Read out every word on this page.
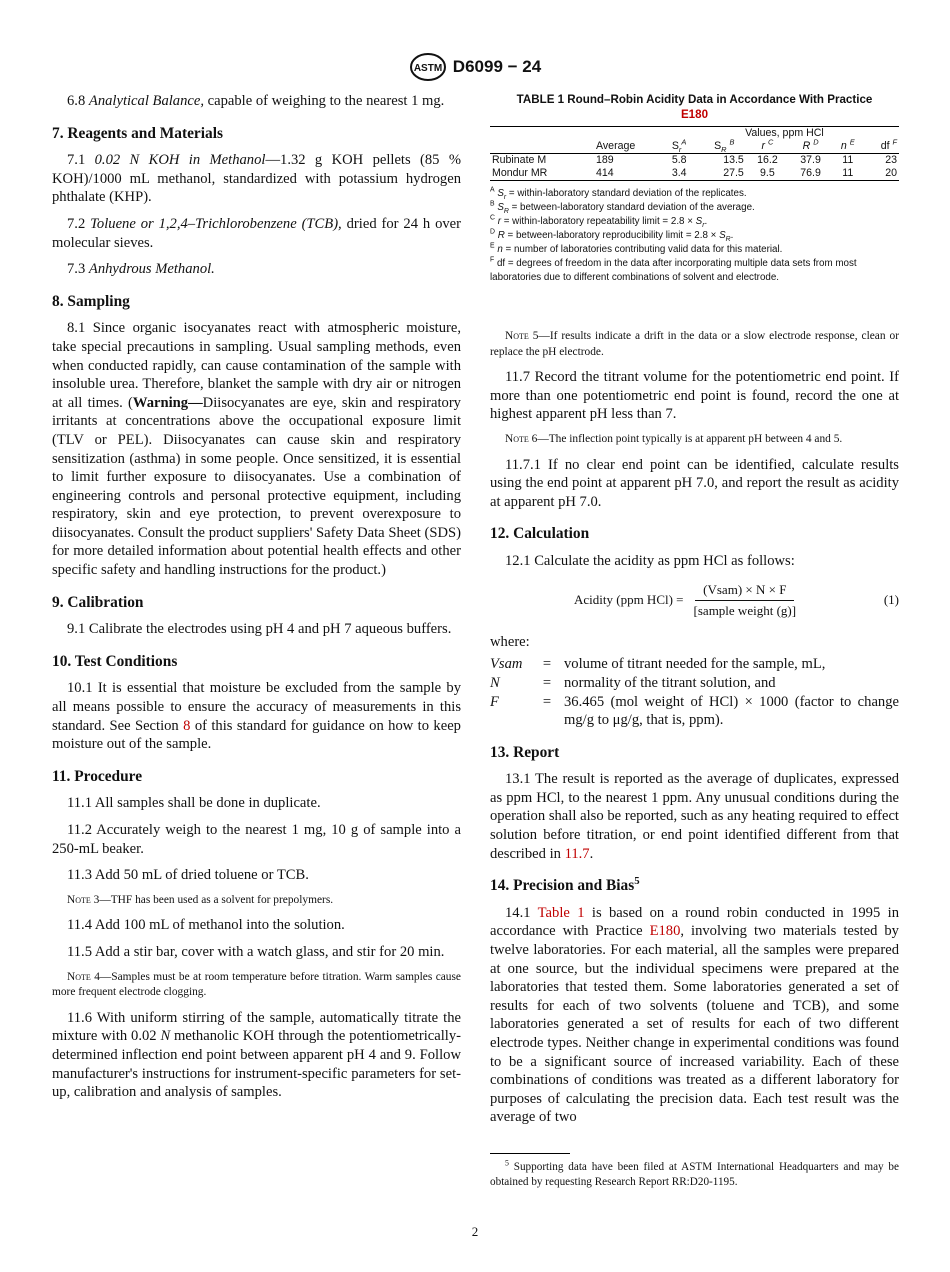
ASTM D6099 − 24

6.8 Analytical Balance, capable of weighing to the nearest 1 mg.

7. Reagents and Materials

7.1 0.02 N KOH in Methanol—1.32 g KOH pellets (85 % KOH)/1000 mL methanol, standardized with potassium hydrogen phthalate (KHP).

7.2 Toluene or 1,2,4–Trichlorobenzene (TCB), dried for 24 h over molecular sieves.

7.3 Anhydrous Methanol.

8. Sampling

8.1 Since organic isocyanates react with atmospheric moisture, take special precautions in sampling. Usual sampling methods, even when conducted rapidly, can cause contamination of the sample with insoluble urea. Therefore, blanket the sample with dry air or nitrogen at all times. (Warning—Diisocyanates are eye, skin and respiratory irritants at concentrations above the occupational exposure limit (TLV or PEL). Diisocyanates can cause skin and respiratory sensitization (asthma) in some people. Once sensitized, it is essential to limit further exposure to diisocyanates. Use a combination of engineering controls and personal protective equipment, including respiratory, skin and eye protection, to prevent overexposure to diisocyanates. Consult the product suppliers' Safety Data Sheet (SDS) for more detailed information about potential health effects and other specific safety and handling instructions for the product.)

9. Calibration

9.1 Calibrate the electrodes using pH 4 and pH 7 aqueous buffers.

10. Test Conditions

10.1 It is essential that moisture be excluded from the sample by all means possible to ensure the accuracy of measurements in this standard. See Section 8 of this standard for guidance on how to keep moisture out of the sample.

11. Procedure

11.1 All samples shall be done in duplicate.

11.2 Accurately weigh to the nearest 1 mg, 10 g of sample into a 250-mL beaker.

11.3 Add 50 mL of dried toluene or TCB.

Note 3—THF has been used as a solvent for prepolymers.

11.4 Add 100 mL of methanol into the solution.

11.5 Add a stir bar, cover with a watch glass, and stir for 20 min.

Note 4—Samples must be at room temperature before titration. Warm samples cause more frequent electrode clogging.

11.6 With uniform stirring of the sample, automatically titrate the mixture with 0.02 N methanolic KOH through the potentiometrically-determined inflection end point between apparent pH 4 and 9. Follow manufacturer's instructions for instrument-specific parameters for set-up, calibration and analysis of samples.

TABLE 1 Round–Robin Acidity Data in Accordance With Practice
E180
		Values, ppm HCl					
	Average	$S_r^A$	$S_R$ $^B$	r $^C$	R $^D$	n $^E$	df $^F$
Rubinate M	189	5.8	13.5	16.2	37.9	11	23
Mondur MR	414	3.4	27.5	9.5	76.9	11	20
$^A$ $S_r$ = within-laboratory standard deviation of the replicates.
$^B$ $S_R$ = between-laboratory standard deviation of the average.
$^C$ r = within-laboratory repeatability limit = $2.8 \times S_r$.
$^D$ R = between-laboratory reproducibility limit = $2.8 \times S_R$.
$^E$ n = number of laboratories contributing valid data for this material.
$^F$ df = degrees of freedom in the data after incorporating multiple data sets from most laboratories due to different combinations of solvent and electrode.
Note 5—If results indicate a drift in the data or a slow electrode response, clean or replace the pH electrode.

11.7 Record the titrant volume for the potentiometric end point. If more than one potentiometric end point is found, record the one at highest apparent pH less than 7.

Note 6—The inflection point typically is at apparent pH between 4 and 5.

11.7.1 If no clear end point can be identified, calculate results using the end point at apparent pH 7.0, and report the result as acidity at apparent pH 7.0.

12. Calculation

12.1 Calculate the acidity as ppm HCl as follows:

Acidity (ppm $HCl) = \frac{\text{(Vsam) × N × F}}{\text{[sample weight (g)]}}$	(1)
where:
Vsam	=	volume of titrant needed for the sample, mL,
N	=	normality of the titrant solution, and
F	=	36.465 (mol weight of HCl) × 1000 (factor to change mg/g to μg/g, that is, ppm).
13. Report

13.1 The result is reported as the average of duplicates, expressed as ppm HCl, to the nearest 1 ppm. Any unusual conditions during the operation shall also be reported, such as any heating required to effect solution before titration, or end point identified different from that described in 11.7.

14. Precision and Bias$^5$

14.1 Table 1 is based on a round robin conducted in 1995 in accordance with Practice E180, involving two materials tested by twelve laboratories. For each material, all the samples were prepared at one source, but the individual specimens were prepared at the laboratories that tested them. Some laboratories generated a set of results for each of two solvents (toluene and TCB), and some laboratories generated a set of results for each of two different electrode types. Neither change in experimental conditions was found to be a significant source of increased variability. Each of these combinations of conditions was treated as a different laboratory for purposes of calculating the precision data. Each test result was the average of two

$^5$ Supporting data have been filed at ASTM International Headquarters and may be obtained by requesting Research Report RR:D20-1195.
2
